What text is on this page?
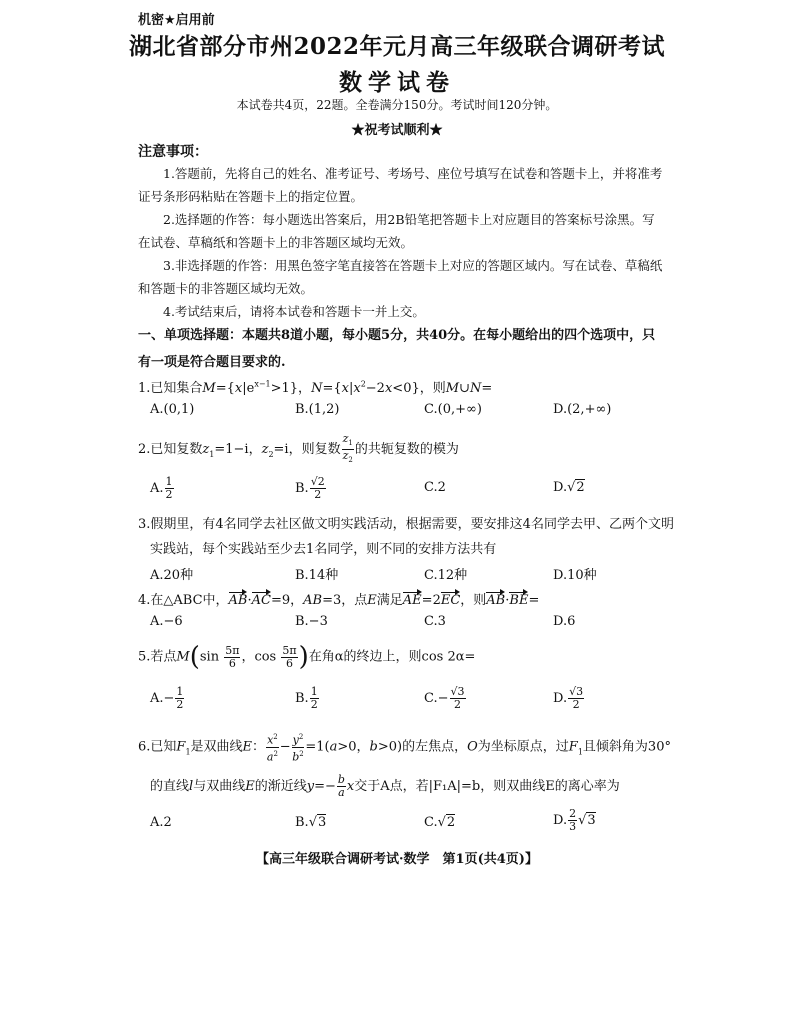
机密★启用前
湖北省部分市州2022年元月高三年级联合调研考试
数学试卷
本试卷共4页，22题。全卷满分150分。考试时间120分钟。
★祝考试顺利★
注意事项：

1.答题前，先将自己的姓名、准考证号、考场号、座位号填写在试卷和答题卡上，并将准考证号条形码粘贴在答题卡上的指定位置。

2.选择题的作答：每小题选出答案后，用2B铅笔把答题卡上对应题目的答案标号涂黑。写在试卷、草稿纸和答题卡上的非答题区域均无效。

3.非选择题的作答：用黑色签字笔直接答在答题卡上对应的答题区域内。写在试卷、草稿纸和答题卡的非答题区域均无效。

4.考试结束后，请将本试卷和答题卡一并上交。

一、单项选择题：本题共8道小题，每小题5分，共40分。在每小题给出的四个选项中，只有一项是符合题目要求的.
1.已知集合$M=\{x|e^{x-1}>1\}$，$N=\{x|x^2-2x<0\}$，则M∪N=
A.(0,1)	B.(1,2)	C.(0,+∞)	D.(2,+∞)
2.已知复数$z_1=1-i$，$z_2=i$，则复数 $\frac{z_1}{z_2}$ 的共轭复数的模为
A. $\frac{1}{2}$	B. $\frac{√2}{2}$	C.2	D.√2
3.假期里，有4名同学去社区做文明实践活动，根据需要，要安排这4名同学去甲、乙两个文明
实践站，每个实践站至少去1名同学，则不同的安排方法共有
A.20种	B.14种	C.12种	D.10种
4.在△ABC中，AB·AC=9，AB=3，点E满足AE=2EC，则AB·BE=
A.−6	B.−3	C.3	D.6
5.若点$M(\sin \frac{5\pi}{6}$ ，$\cos \frac{5\pi}{6}$ )在角α的终边上，则cos 2α=
$A.- \frac{1}{2}$	B. $\frac{1}{2}$	$C.- \frac{√3}{2}$	D. $\frac{√3}{2}$
6.已知$F_1$是双曲线E： $\frac{x^2}{a^2} - \frac{y^2}{b^2} =1(a>0$，b>0)的左焦点，O为坐标原点，过$F_1$且倾斜角为30°
的直线l与双曲线E的渐近线$y=- \frac{b}{a}$ x交于A点，若|F₁A|=b，则双曲线E的离心率为
A.2	B.√3	C.√2	D. $\frac{2}{3} √3$
【高三年级联合调研考试·数学　第1页(共4页)】
